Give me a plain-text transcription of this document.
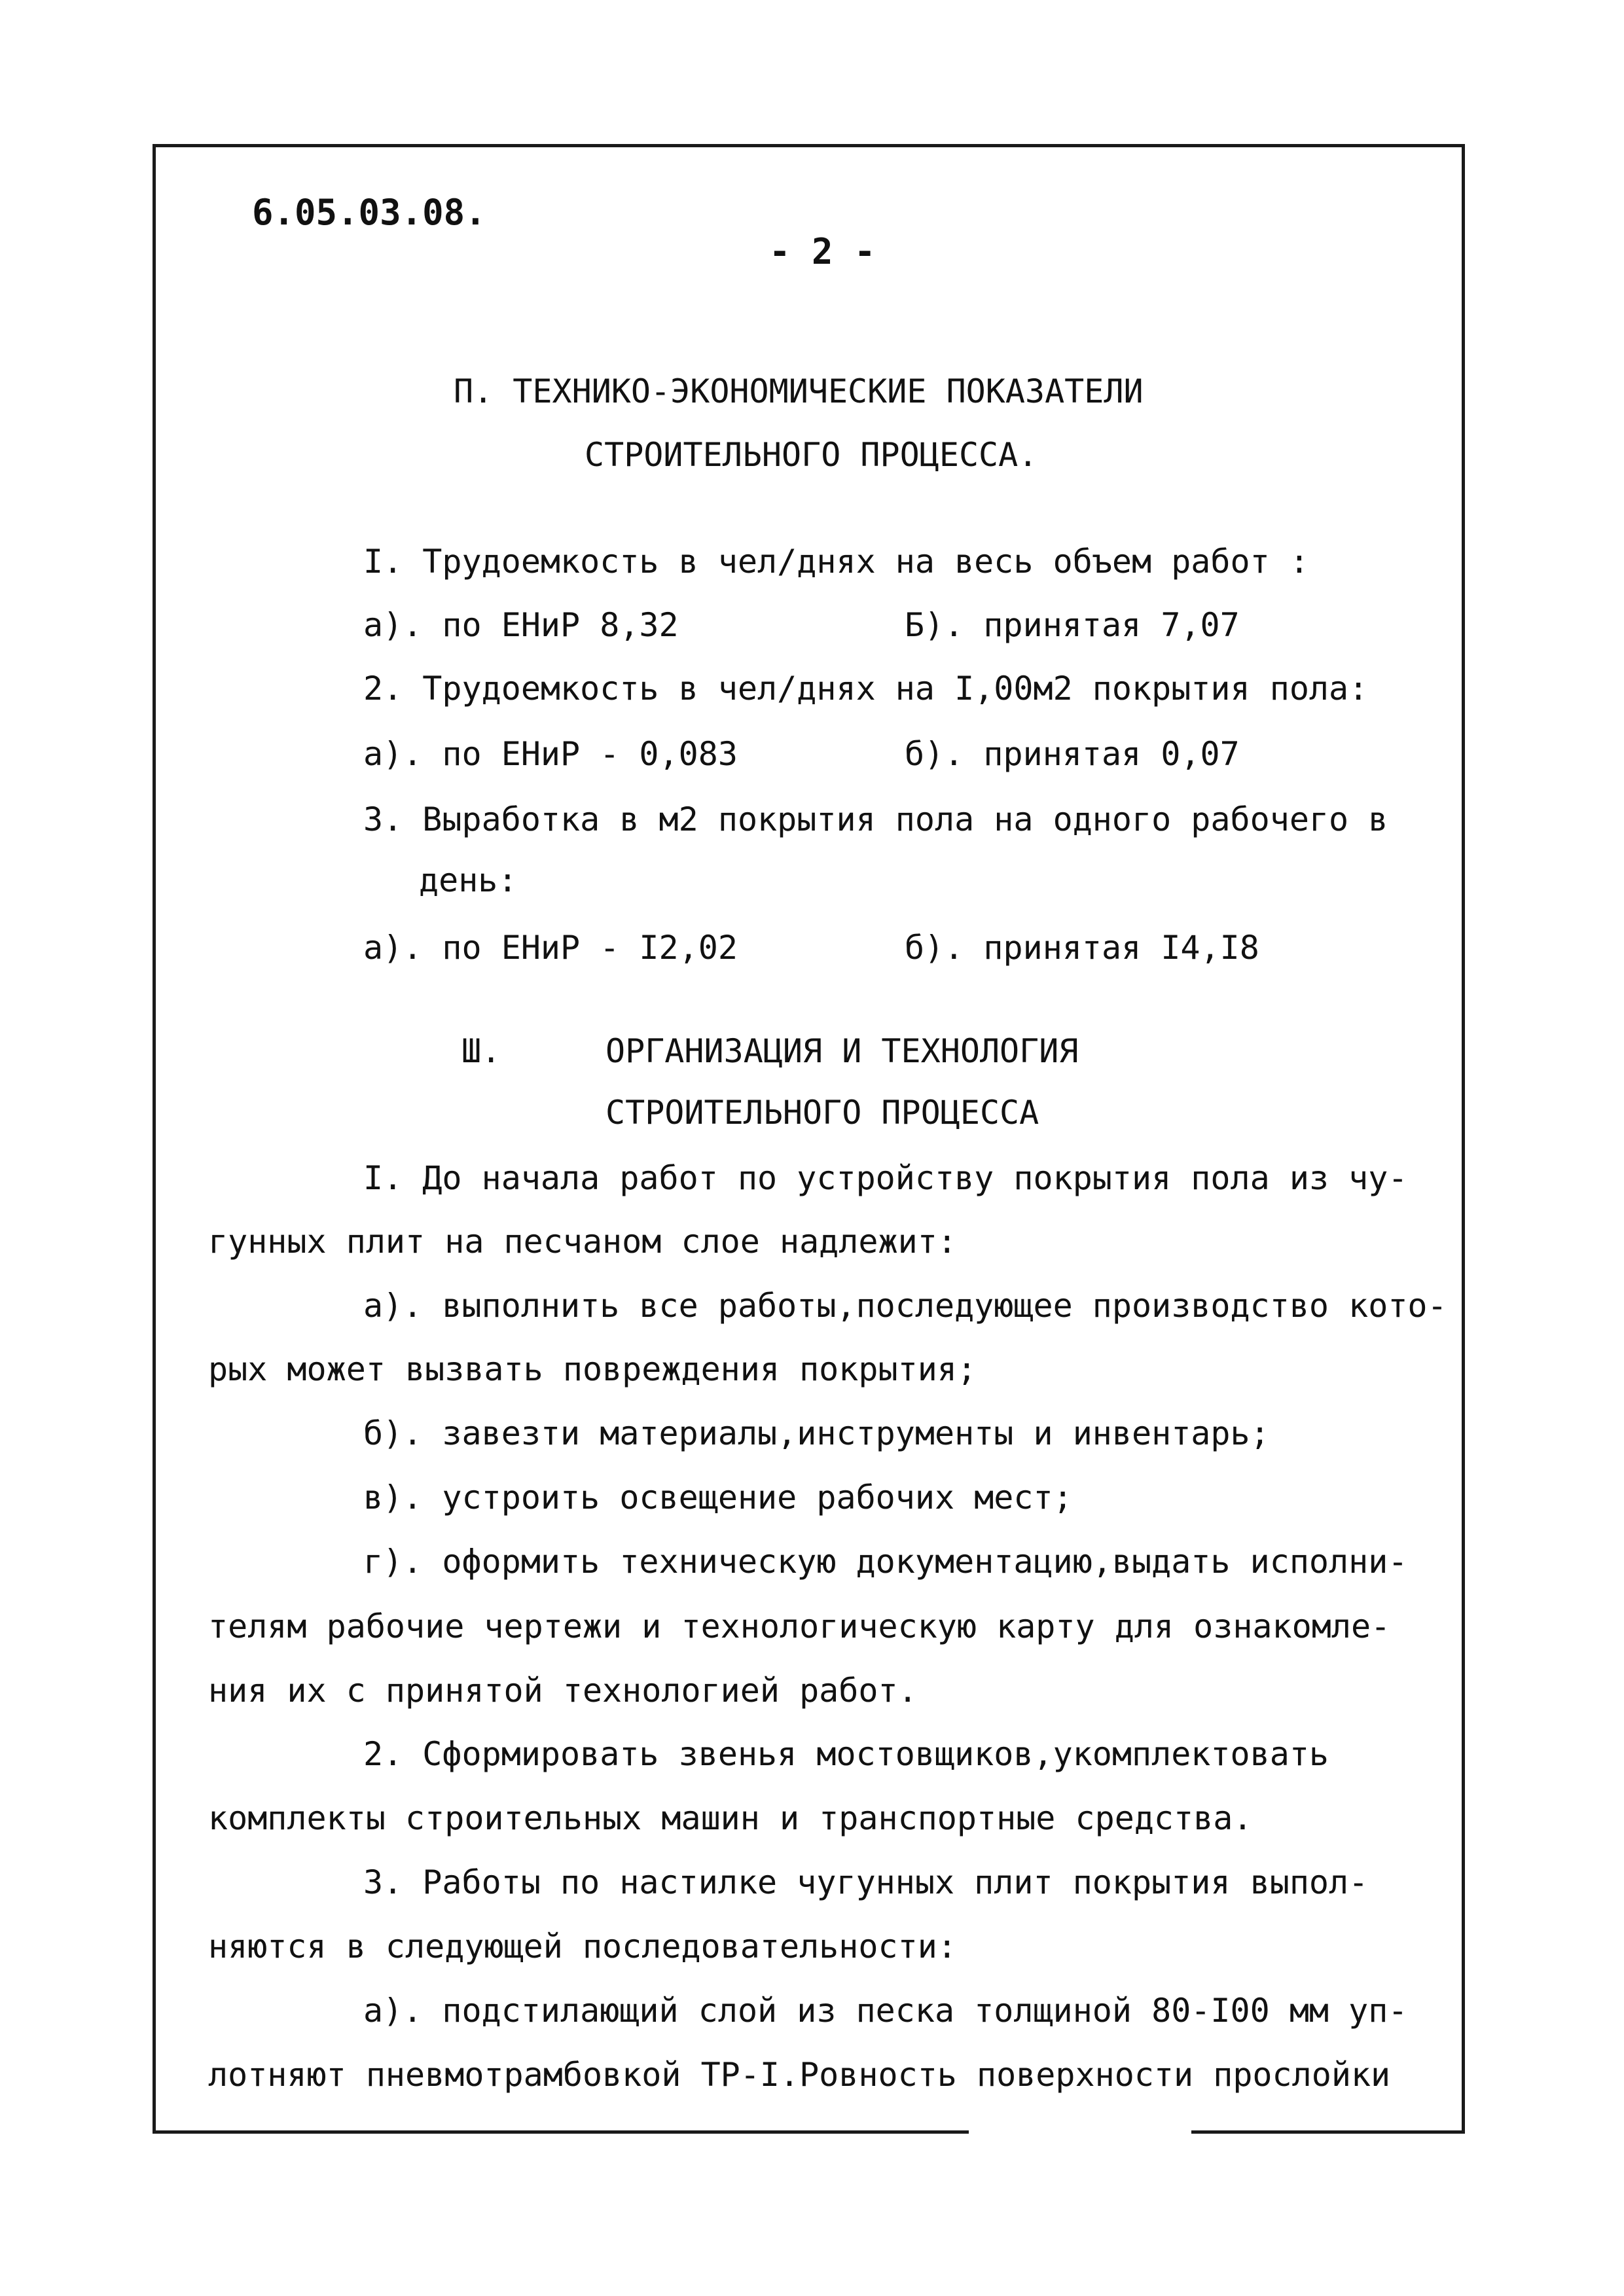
6.05.03.08.
- 2 -
П. ТЕХНИКО-ЭКОНОМИЧЕСКИЕ ПОКАЗАТЕЛИ
СТРОИТЕЛЬНОГО ПРОЦЕССА.
I. Трудоемкость в чел/днях на весь объем работ :
а). по ЕНиР 8,32	Б). принятая 7,07
2. Трудоемкость в чел/днях на I,00м2 покрытия пола:
а). по ЕНиР - 0,083	б). принятая 0,07
3. Выработка в м2 покрытия пола на одного рабочего в
день:
а). по ЕНиР - I2,02	б). принятая I4,I8
Ш.	ОРГАНИЗАЦИЯ И ТЕХНОЛОГИЯ
СТРОИТЕЛЬНОГО ПРОЦЕССА
I. До начала работ по устройству покрытия пола из чу-
гунных плит на песчаном слое надлежит:
а). выполнить все работы,последующее производство кото-
рых может вызвать повреждения покрытия;
б). завезти материалы,инструменты и инвентарь;
в). устроить освещение рабочих мест;
г). оформить техническую документацию,выдать исполни-
телям рабочие чертежи и технологическую карту для ознакомле-
ния их с принятой технологией работ.
2. Сформировать звенья мостовщиков,укомплектовать
комплекты строительных машин и транспортные средства.
3. Работы по настилке чугунных плит покрытия выпол-
няются в следующей последовательности:
а). подстилающий слой из песка толщиной 80-I00 мм уп-
лотняют пневмотрамбовкой ТР-I.Ровность поверхности прослойки
